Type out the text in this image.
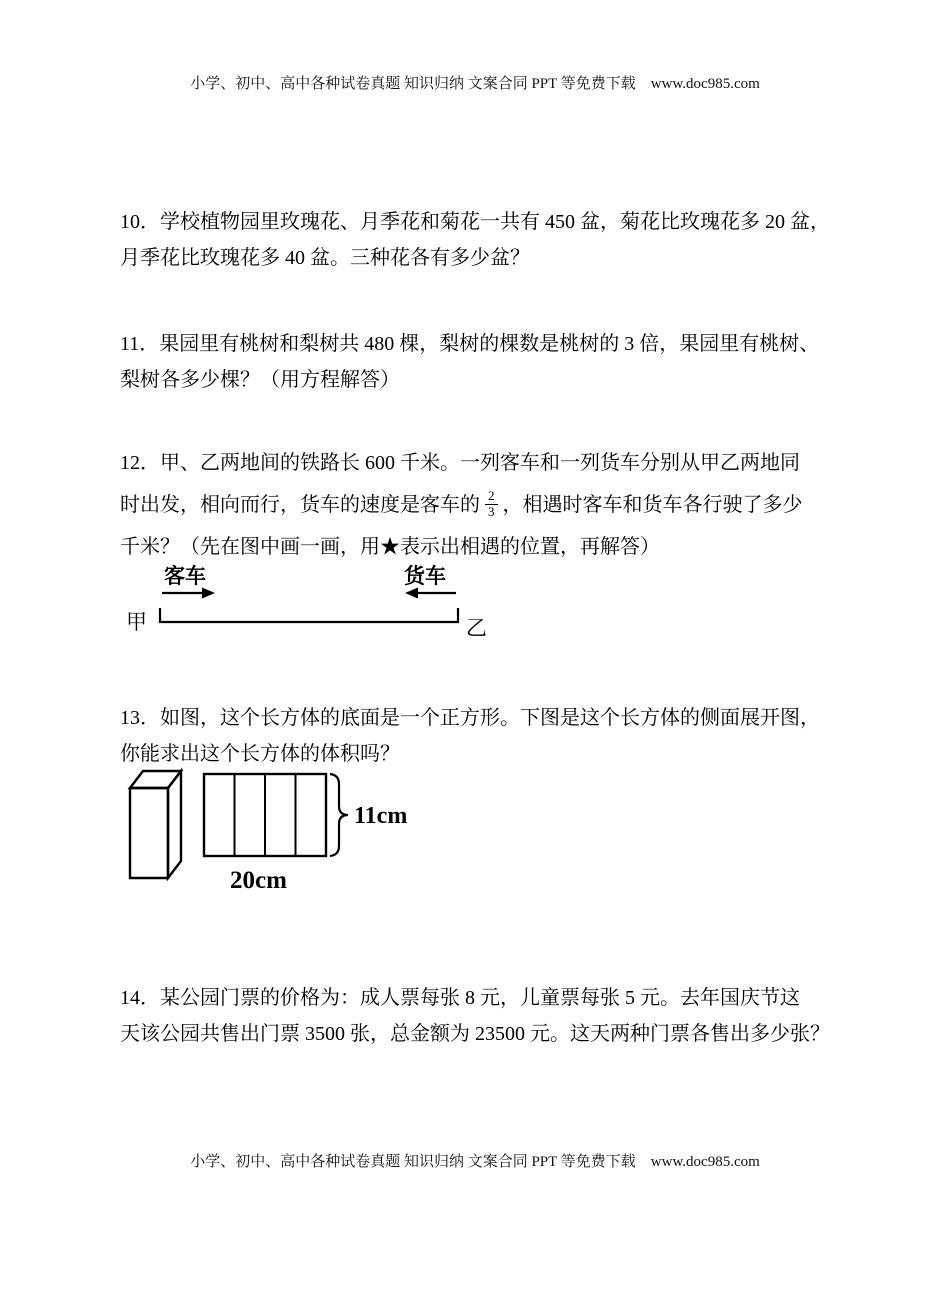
小学、初中、高中各种试卷真题 知识归纳 文案合同 PPT 等免费下载　www.doc985.com
10．学校植物园里玫瑰花、月季花和菊花一共有 450 盆，菊花比玫瑰花多 20 盆，
月季花比玫瑰花多 40 盆。三种花各有多少盆？
11．果园里有桃树和梨树共 480 棵，梨树的棵数是桃树的 3 倍，果园里有桃树、
梨树各多少棵？（用方程解答）
12．甲、乙两地间的铁路长 600 千米。一列客车和一列货车分别从甲乙两地同
时出发，相向而行，货车的速度是客车的 $\frac{2}{3}$ ，相遇时客车和货车各行驶了多少
千米？（先在图中画一画，用★表示出相遇的位置，再解答）
客车	货车
甲	乙
13．如图，这个长方体的底面是一个正方形。下图是这个长方体的侧面展开图，
你能求出这个长方体的体积吗？
11cm
20cm
14．某公园门票的价格为：成人票每张 8 元，儿童票每张 5 元。去年国庆节这
天该公园共售出门票 3500 张，总金额为 23500 元。这天两种门票各售出多少张？
小学、初中、高中各种试卷真题 知识归纳 文案合同 PPT 等免费下载　www.doc985.com
